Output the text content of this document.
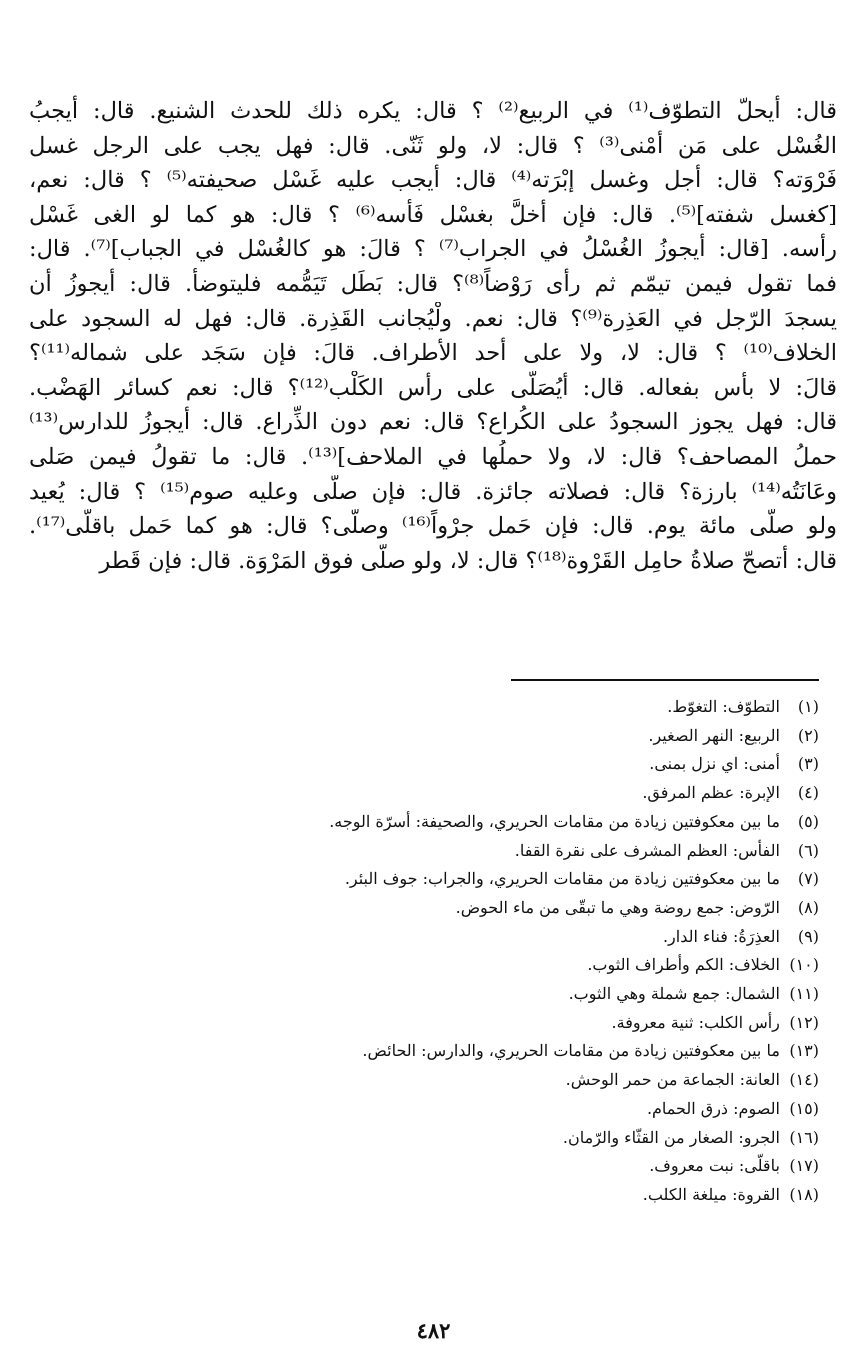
قال: أيحلّ التطوّف⁽¹⁾ في الربيع⁽²⁾ ؟ قال: يكره ذلك للحدث الشنيع. قال: أيجبُ
الغُسْل على مَن أمْنى⁽³⁾ ؟ قال: لا، ولو ثَنّى. قال: فهل يجب على الرجل غسل
فَرْوَته؟ قال: أجل وغسل إبْرَته⁽⁴⁾ قال: أيجب عليه غَسْل صحيفته⁽⁵⁾ ؟ قال: نعم،
[كغسل شفته]⁽⁵⁾. قال: فإن أخلَّ بغسْل فَأسه⁽⁶⁾ ؟ قال: هو كما لو الغى غَسْل
رأسه. [قال: أيجوزُ الغُسْلُ في الجراب⁽⁷⁾ ؟ قالَ: هو كالغُسْل في الجباب]⁽⁷⁾. قال:
فما تقول فيمن تيمّم ثم رأى رَوْضاً⁽⁸⁾؟ قال: بَطَل تَيَمُّمه فليتوضأ. قال: أيجوزُ أن
يسجدَ الرّجل في العَذِرة⁽⁹⁾؟ قال: نعم. ولْيُجانب القَذِرة. قال: فهل له السجود على
الخلاف⁽¹⁰⁾ ؟ قال: لا، ولا على أحد الأطراف. قالَ: فإن سَجَد على شماله⁽¹¹⁾؟
قالَ: لا بأس بفعاله. قال: أيُصَلّى على رأس الكَلْب⁽¹²⁾؟ قال: نعم كسائر الهَضْب.
قال: فهل يجوز السجودُ على الكُراع؟ قال: نعم دون الذِّراع. قال: أيجوزُ للدارس⁽¹³⁾
حملُ المصاحف؟ قال: لا، ولا حملُها في الملاحف]⁽¹³⁾. قال: ما تقولُ فيمن صَلى
وعَانَتُه⁽¹⁴⁾ بارزة؟ قال: فصلاته جائزة. قال: فإن صلّى وعليه صوم⁽¹⁵⁾ ؟ قال: يُعيد
ولو صلّى مائة يوم. قال: فإن حَمل جرْواً⁽¹⁶⁾ وصلّى؟ قال: هو كما حَمل باقلّى⁽¹⁷⁾.
قال: أتصحّ صلاةُ حامِل القَرْوة⁽¹⁸⁾؟ قال: لا، ولو صلّى فوق المَرْوَة. قال: فإن قَطر
(١) التطوّف: التغوّط.
(٢) الربيع: النهر الصغير.
(٣) أمنى: اي نزل بمنى.
(٤) الإبرة: عظم المرفق.
(٥) ما بين معكوفتين زيادة من مقامات الحريري، والصحيفة: أسرّة الوجه.
(٦) الفأس: العظم المشرف على نقرة القفا.
(٧) ما بين معكوفتين زيادة من مقامات الحريري، والجراب: جوف البئر.
(٨) الرّوض: جمع روضة وهي ما تبقّى من ماء الحوض.
(٩) العذِرَةُ: فناء الدار.
(١٠) الخلاف: الكم وأطراف الثوب.
(١١) الشمال: جمع شملة وهي الثوب.
(١٢) رأس الكلب: ثنية معروفة.
(١٣) ما بين معكوفتين زيادة من مقامات الحريري، والدارس: الحائض.
(١٤) العانة: الجماعة من حمر الوحش.
(١٥) الصوم: ذرق الحمام.
(١٦) الجرو: الصغار من القثّاء والرّمان.
(١٧) باقلّى: نبت معروف.
(١٨) القروة: ميلغة الكلب.
٤٨٢
